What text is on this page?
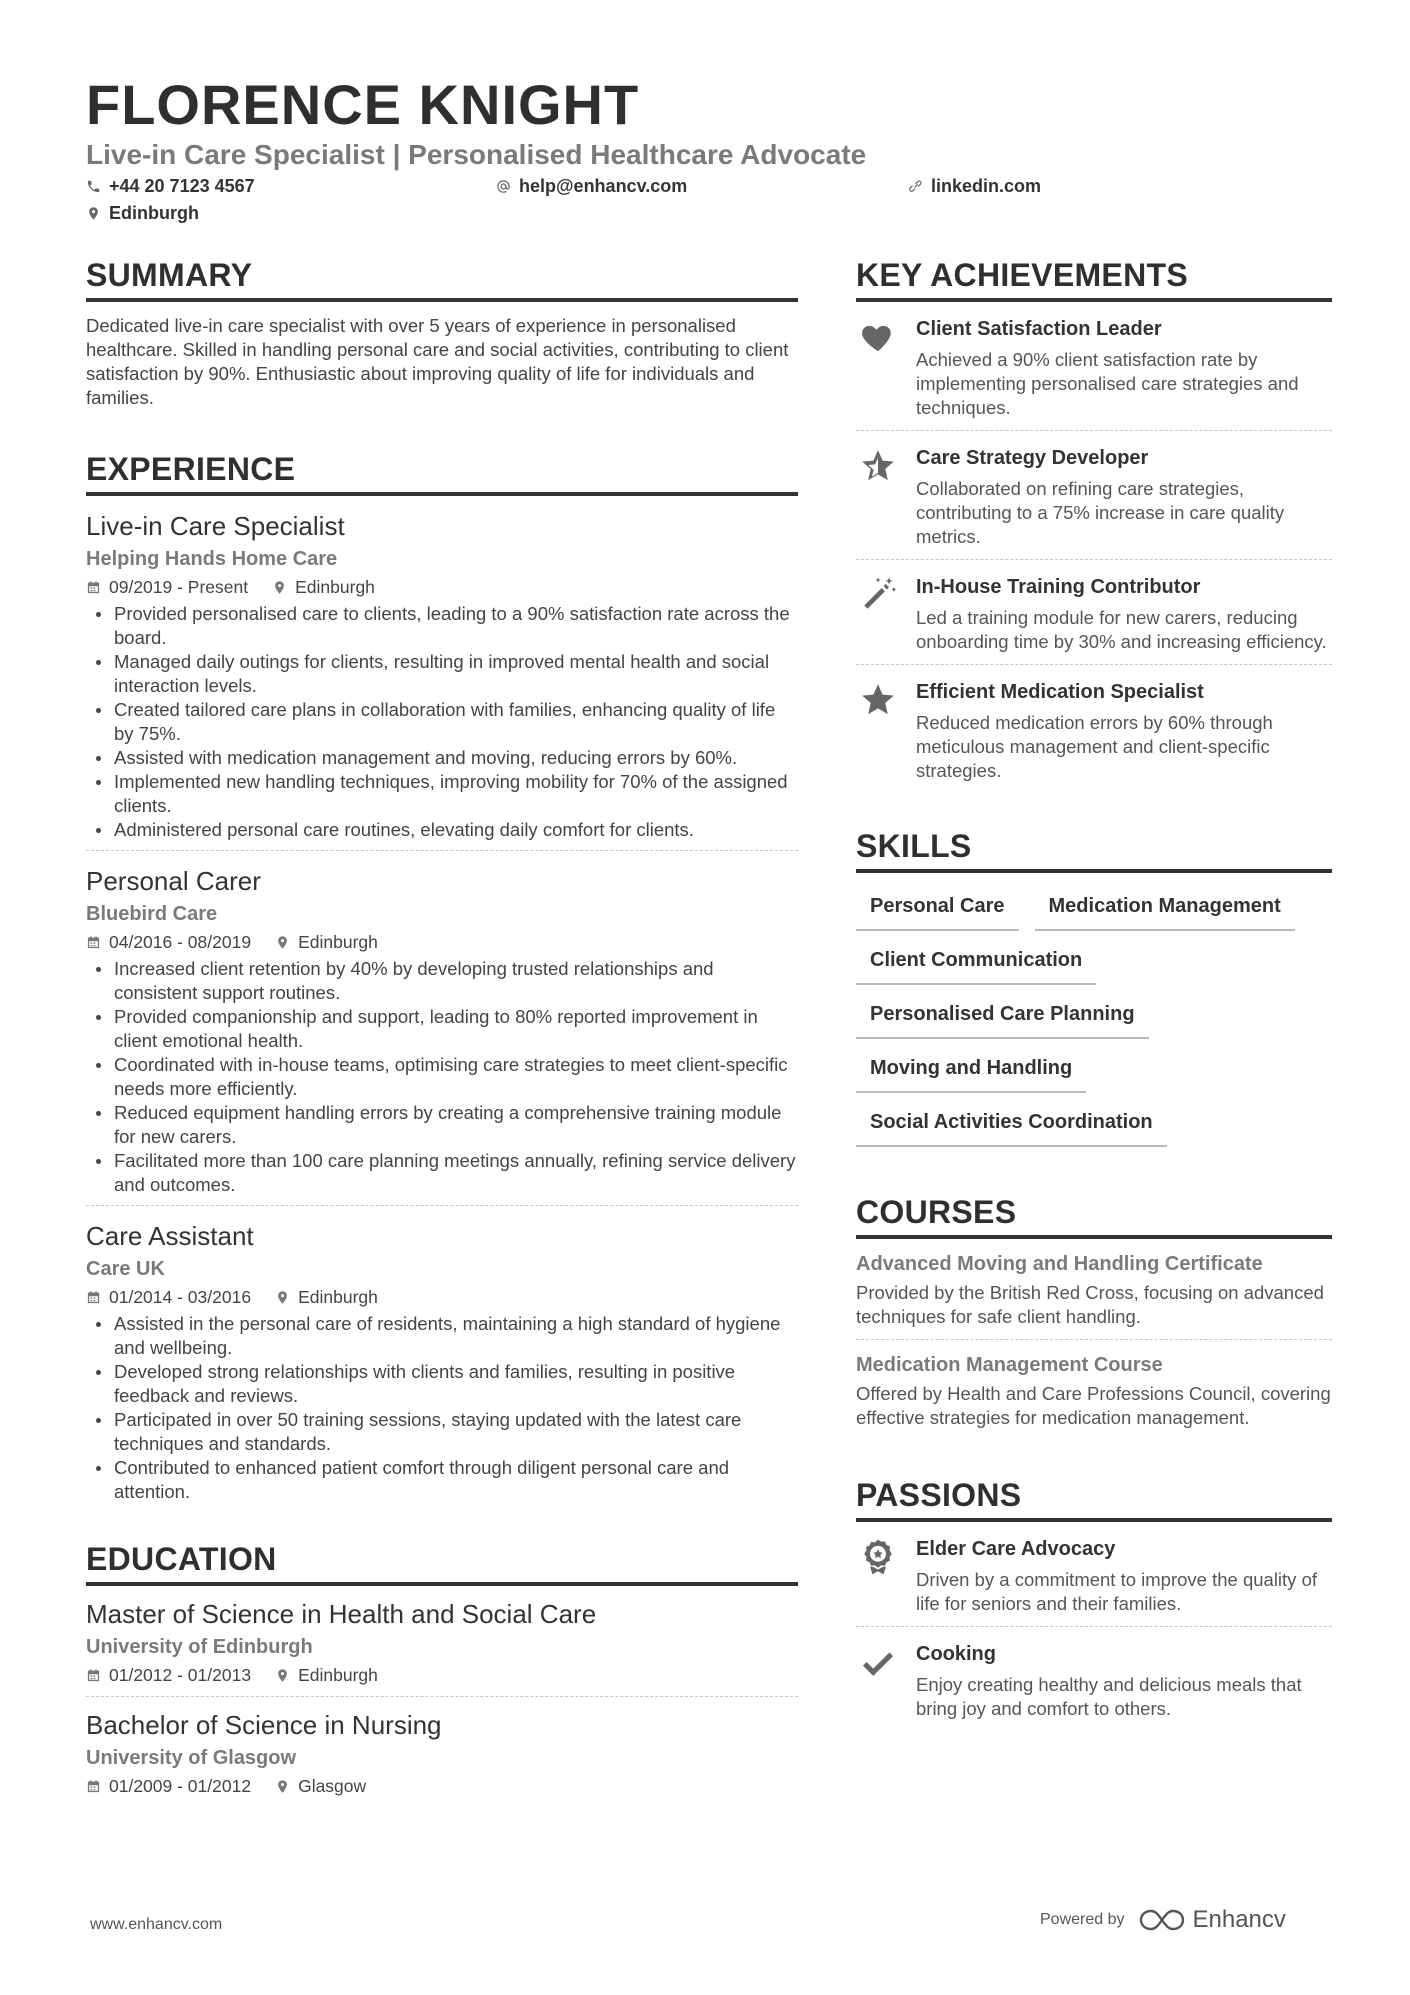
FLORENCE KNIGHT
Live-in Care Specialist | Personalised Healthcare Advocate
+44 20 7123 4567	help@enhancv.com	linkedin.com
Edinburgh
SUMMARY
Dedicated live-in care specialist with over 5 years of experience in personalised healthcare. Skilled in handling personal care and social activities, contributing to client satisfaction by 90%. Enthusiastic about improving quality of life for individuals and families.
EXPERIENCE
Live-in Care Specialist
Helping Hands Home Care
09/2019 - Present	Edinburgh
Provided personalised care to clients, leading to a 90% satisfaction rate across the board.
Managed daily outings for clients, resulting in improved mental health and social interaction levels.
Created tailored care plans in collaboration with families, enhancing quality of life by 75%.
Assisted with medication management and moving, reducing errors by 60%.
Implemented new handling techniques, improving mobility for 70% of the assigned clients.
Administered personal care routines, elevating daily comfort for clients.
Personal Carer
Bluebird Care
04/2016 - 08/2019	Edinburgh
Increased client retention by 40% by developing trusted relationships and consistent support routines.
Provided companionship and support, leading to 80% reported improvement in client emotional health.
Coordinated with in-house teams, optimising care strategies to meet client-specific needs more efficiently.
Reduced equipment handling errors by creating a comprehensive training module for new carers.
Facilitated more than 100 care planning meetings annually, refining service delivery and outcomes.
Care Assistant
Care UK
01/2014 - 03/2016	Edinburgh
Assisted in the personal care of residents, maintaining a high standard of hygiene and wellbeing.
Developed strong relationships with clients and families, resulting in positive feedback and reviews.
Participated in over 50 training sessions, staying updated with the latest care techniques and standards.
Contributed to enhanced patient comfort through diligent personal care and attention.
EDUCATION
Master of Science in Health and Social Care
University of Edinburgh
01/2012 - 01/2013	Edinburgh
Bachelor of Science in Nursing
University of Glasgow
01/2009 - 01/2012	Glasgow
KEY ACHIEVEMENTS
Client Satisfaction Leader
Achieved a 90% client satisfaction rate by implementing personalised care strategies and techniques.
Care Strategy Developer
Collaborated on refining care strategies, contributing to a 75% increase in care quality metrics.
In-House Training Contributor
Led a training module for new carers, reducing onboarding time by 30% and increasing efficiency.
Efficient Medication Specialist
Reduced medication errors by 60% through meticulous management and client-specific strategies.
SKILLS
Personal Care	Medication Management
Client Communication
Personalised Care Planning
Moving and Handling
Social Activities Coordination
COURSES
Advanced Moving and Handling Certificate
Provided by the British Red Cross, focusing on advanced techniques for safe client handling.
Medication Management Course
Offered by Health and Care Professions Council, covering effective strategies for medication management.
PASSIONS
Elder Care Advocacy
Driven by a commitment to improve the quality of life for seniors and their families.
Cooking
Enjoy creating healthy and delicious meals that bring joy and comfort to others.
www.enhancv.com	Powered by	Enhancv
